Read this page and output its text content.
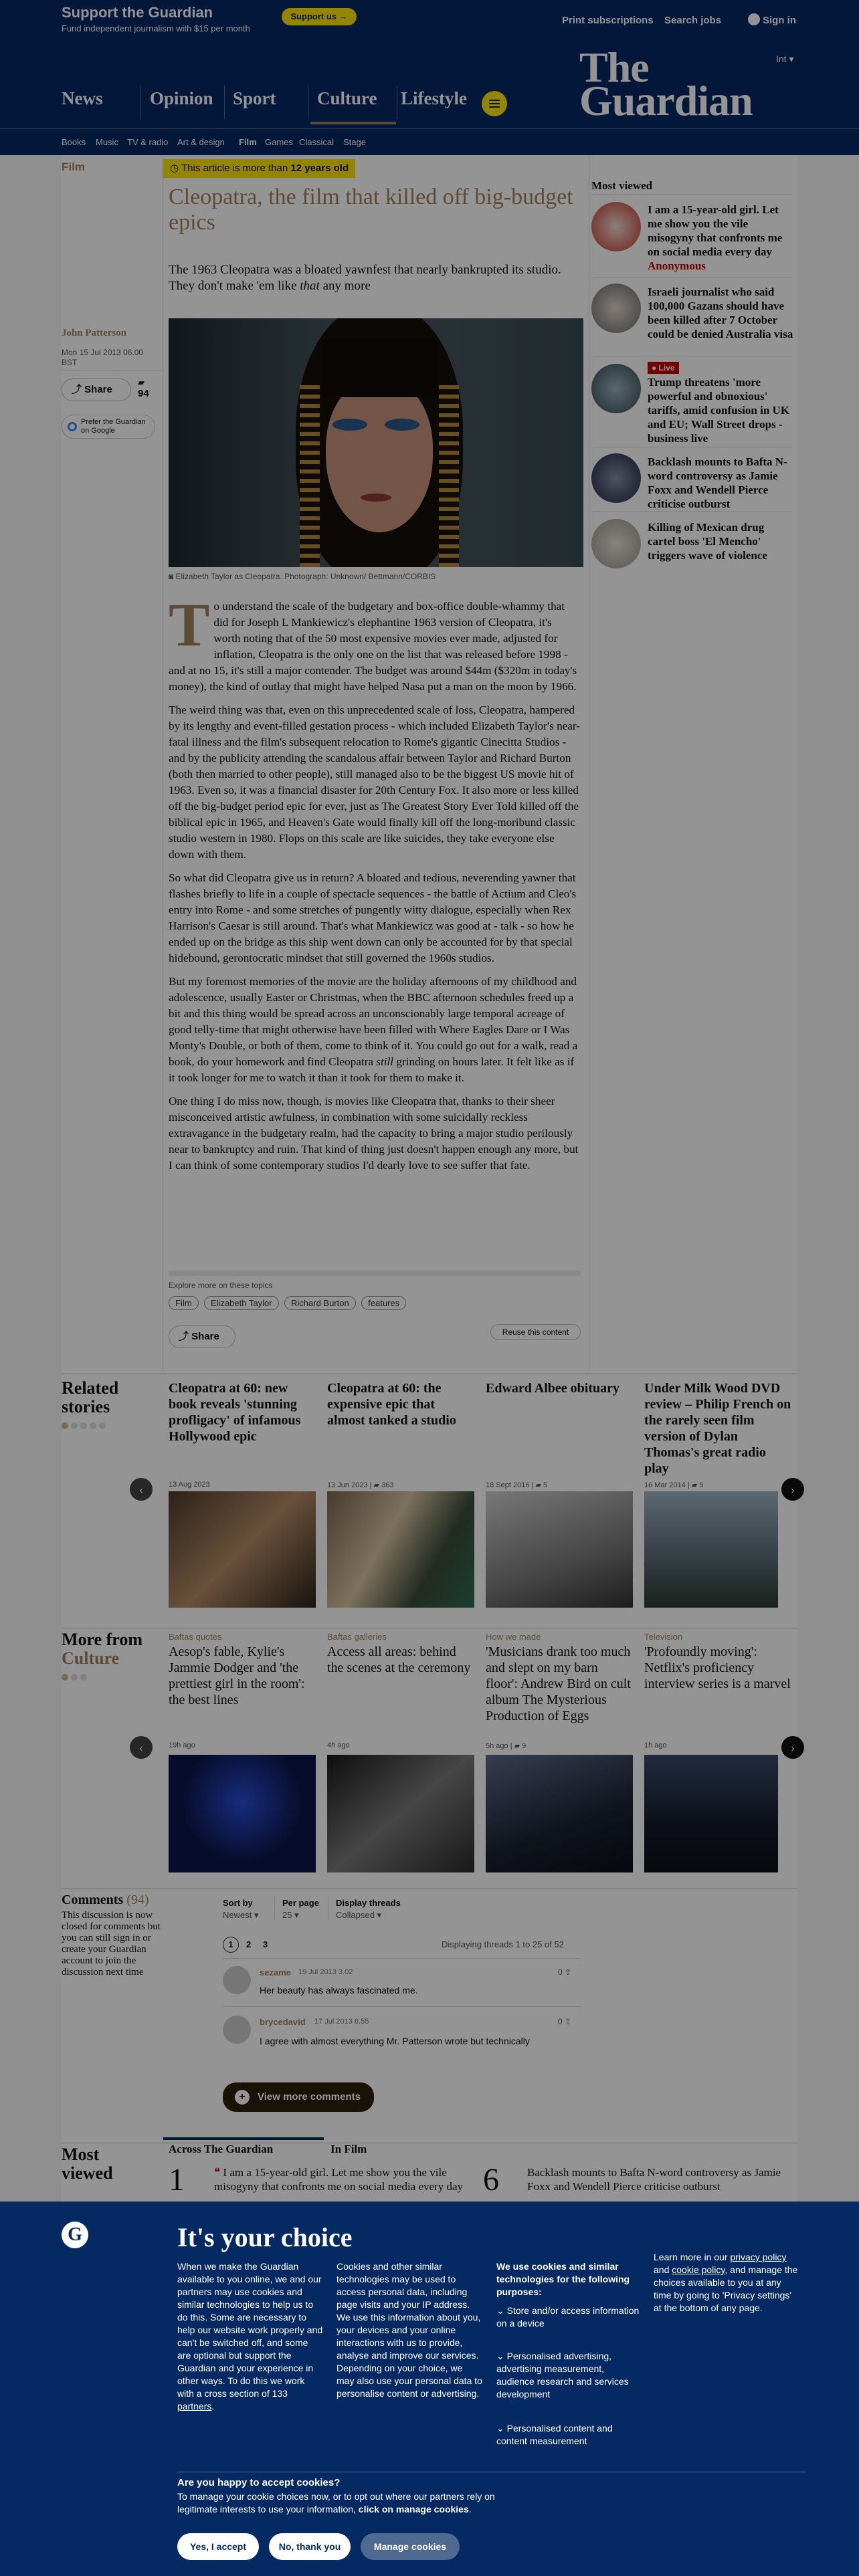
Support the Guardian
Fund independent journalism with $15 per month
Support us →	Print subscriptions Search jobs	Sign in
Int ▾
The
Guardian
News	Opinion Sport Culture Lifestyle
Books Music TV & radio Art & design Film Games Classical Stage
Film	◷ This article is more than 12 years old
Cleopatra, the film that killed off big-budget epics
The 1963 Cleopatra was a bloated yawnfest that nearly bankrupted its studio. They don't make 'em like that any more
John Patterson
Mon 15 Jul 2013 06.00
BST
⤴ Share
▰
94
Prefer the Guardian on Google
◙ Elizabeth Taylor as Cleopatra. Photograph: Unknown/ Bettmann/CORBIS

To understand the scale of the budgetary and box-office double-whammy that did for Joseph L Mankiewicz's elephantine 1963 version of Cleopatra, it's worth noting that of the 50 most expensive movies ever made, adjusted for inflation, Cleopatra is the only one on the list that was released before 1998 - and at no 15, it's still a major contender. The budget was around $44m ($320m in today's money), the kind of outlay that might have helped Nasa put a man on the moon by 1966.

The weird thing was that, even on this unprecedented scale of loss, Cleopatra, hampered by its lengthy and event-filled gestation process - which included Elizabeth Taylor's near-fatal illness and the film's subsequent relocation to Rome's gigantic Cinecitta Studios - and by the publicity attending the scandalous affair between Taylor and Richard Burton (both then married to other people), still managed also to be the biggest US movie hit of 1963. Even so, it was a financial disaster for 20th Century Fox. It also more or less killed off the big-budget period epic for ever, just as The Greatest Story Ever Told killed off the biblical epic in 1965, and Heaven's Gate would finally kill off the long-moribund classic studio western in 1980. Flops on this scale are like suicides, they take everyone else down with them.

So what did Cleopatra give us in return? A bloated and tedious, neverending yawner that flashes briefly to life in a couple of spectacle sequences - the battle of Actium and Cleo's entry into Rome - and some stretches of pungently witty dialogue, especially when Rex Harrison's Caesar is still around. That's what Mankiewicz was good at - talk - so how he ended up on the bridge as this ship went down can only be accounted for by that special hidebound, gerontocratic mindset that still governed the 1960s studios.

But my foremost memories of the movie are the holiday afternoons of my childhood and adolescence, usually Easter or Christmas, when the BBC afternoon schedules freed up a bit and this thing would be spread across an unconscionably large temporal acreage of good telly-time that might otherwise have been filled with Where Eagles Dare or I Was Monty's Double, or both of them, come to think of it. You could go out for a walk, read a book, do your homework and find Cleopatra still grinding on hours later. It felt like as if it took longer for me to watch it than it took for them to make it.

One thing I do miss now, though, is movies like Cleopatra that, thanks to their sheer misconceived artistic awfulness, in combination with some suicidally reckless extravagance in the budgetary realm, had the capacity to bring a major studio perilously near to bankruptcy and ruin. That kind of thing just doesn't happen enough any more, but I can think of some contemporary studios I'd dearly love to see suffer that fate.

Explore more on these topics
Film Elizabeth Taylor Richard Burton features
⤴ Share	Reuse this content
Most viewed
I am a 15-year-old girl. Let me show you the vile misogyny that confronts me on social media every day
Anonymous
Israeli journalist who said 100,000 Gazans should have been killed after 7 October could be denied Australia visa
● Live
Trump threatens 'more powerful and obnoxious' tariffs, amid confusion in UK and EU; Wall Street drops - business live
Backlash mounts to Bafta N-word controversy as Jamie Foxx and Wendell Pierce criticise outburst
Killing of Mexican drug cartel boss 'El Mencho' triggers wave of violence
Related
stories
‹	›
Cleopatra at 60: new book reveals 'stunning profligacy' of infamous Hollywood epic
13 Aug 2023
Cleopatra at 60: the expensive epic that almost tanked a studio
13 Jun 2023 | ▰ 363
Edward Albee obituary
18 Sept 2016 | ▰ 5
Under Milk Wood DVD review – Philip French on the rarely seen film version of Dylan Thomas's great radio play
16 Mar 2014 | ▰ 5
More from
Culture
‹	›
Baftas quotes
Aesop's fable, Kylie's Jammie Dodger and 'the prettiest girl in the room': the best lines
19h ago
Baftas galleries
Access all areas: behind the scenes at the ceremony
4h ago
How we made
'Musicians drank too much and slept on my barn floor': Andrew Bird on cult album The Mysterious Production of Eggs
5h ago | ▰ 9
Television
'Profoundly moving': Netflix's proficiency interview series is a marvel
1h ago
Comments (94)
This discussion is now closed for comments but you can still sign in or create your Guardian account to join the discussion next time
Sort by
Newest ▾
Per page
25 ▾
Display threads
Collapsed ▾
1	2 3	Displaying threads 1 to 25 of 52
sezame 19 Jul 2013 3.02	0 ⇧
Her beauty has always fascinated me.
brycedavid 17 Jul 2013 8.55	0 ⇧
I agree with almost everything Mr. Patterson wrote but technically
+	View more comments
Most
viewed
Across The Guardian	In Film
1	❝ I am a 15-year-old girl. Let me show you the vile misogyny that confronts me on social media every day 6 Backlash mounts to Bafta N-word controversy as Jamie Foxx and Wendell Pierce criticise outburst
G	It's your choice
When we make the Guardian available to you online, we and our partners may use cookies and similar technologies to help us to do this. Some are necessary to help our website work properly and can't be switched off, and some are optional but support the Guardian and your experience in other ways. To do this we work with a cross section of 133 partners.
Cookies and other similar technologies may be used to access personal data, including page visits and your IP address. We use this information about you, your devices and your online interactions with us to provide, analyse and improve our services. Depending on your choice, we may also use your personal data to personalise content or advertising.
We use cookies and similar technologies for the following purposes:
⌄ Store and/or access information on a device
⌄ Personalised advertising, advertising measurement, audience research and services development
⌄ Personalised content and content measurement
Learn more in our privacy policy and cookie policy, and manage the choices available to you at any time by going to 'Privacy settings' at the bottom of any page.
Are you happy to accept cookies?
To manage your cookie choices now, or to opt out where our partners rely on legitimate interests to use your information, click on manage cookies.
Yes, I accept	No, thank you	Manage cookies
